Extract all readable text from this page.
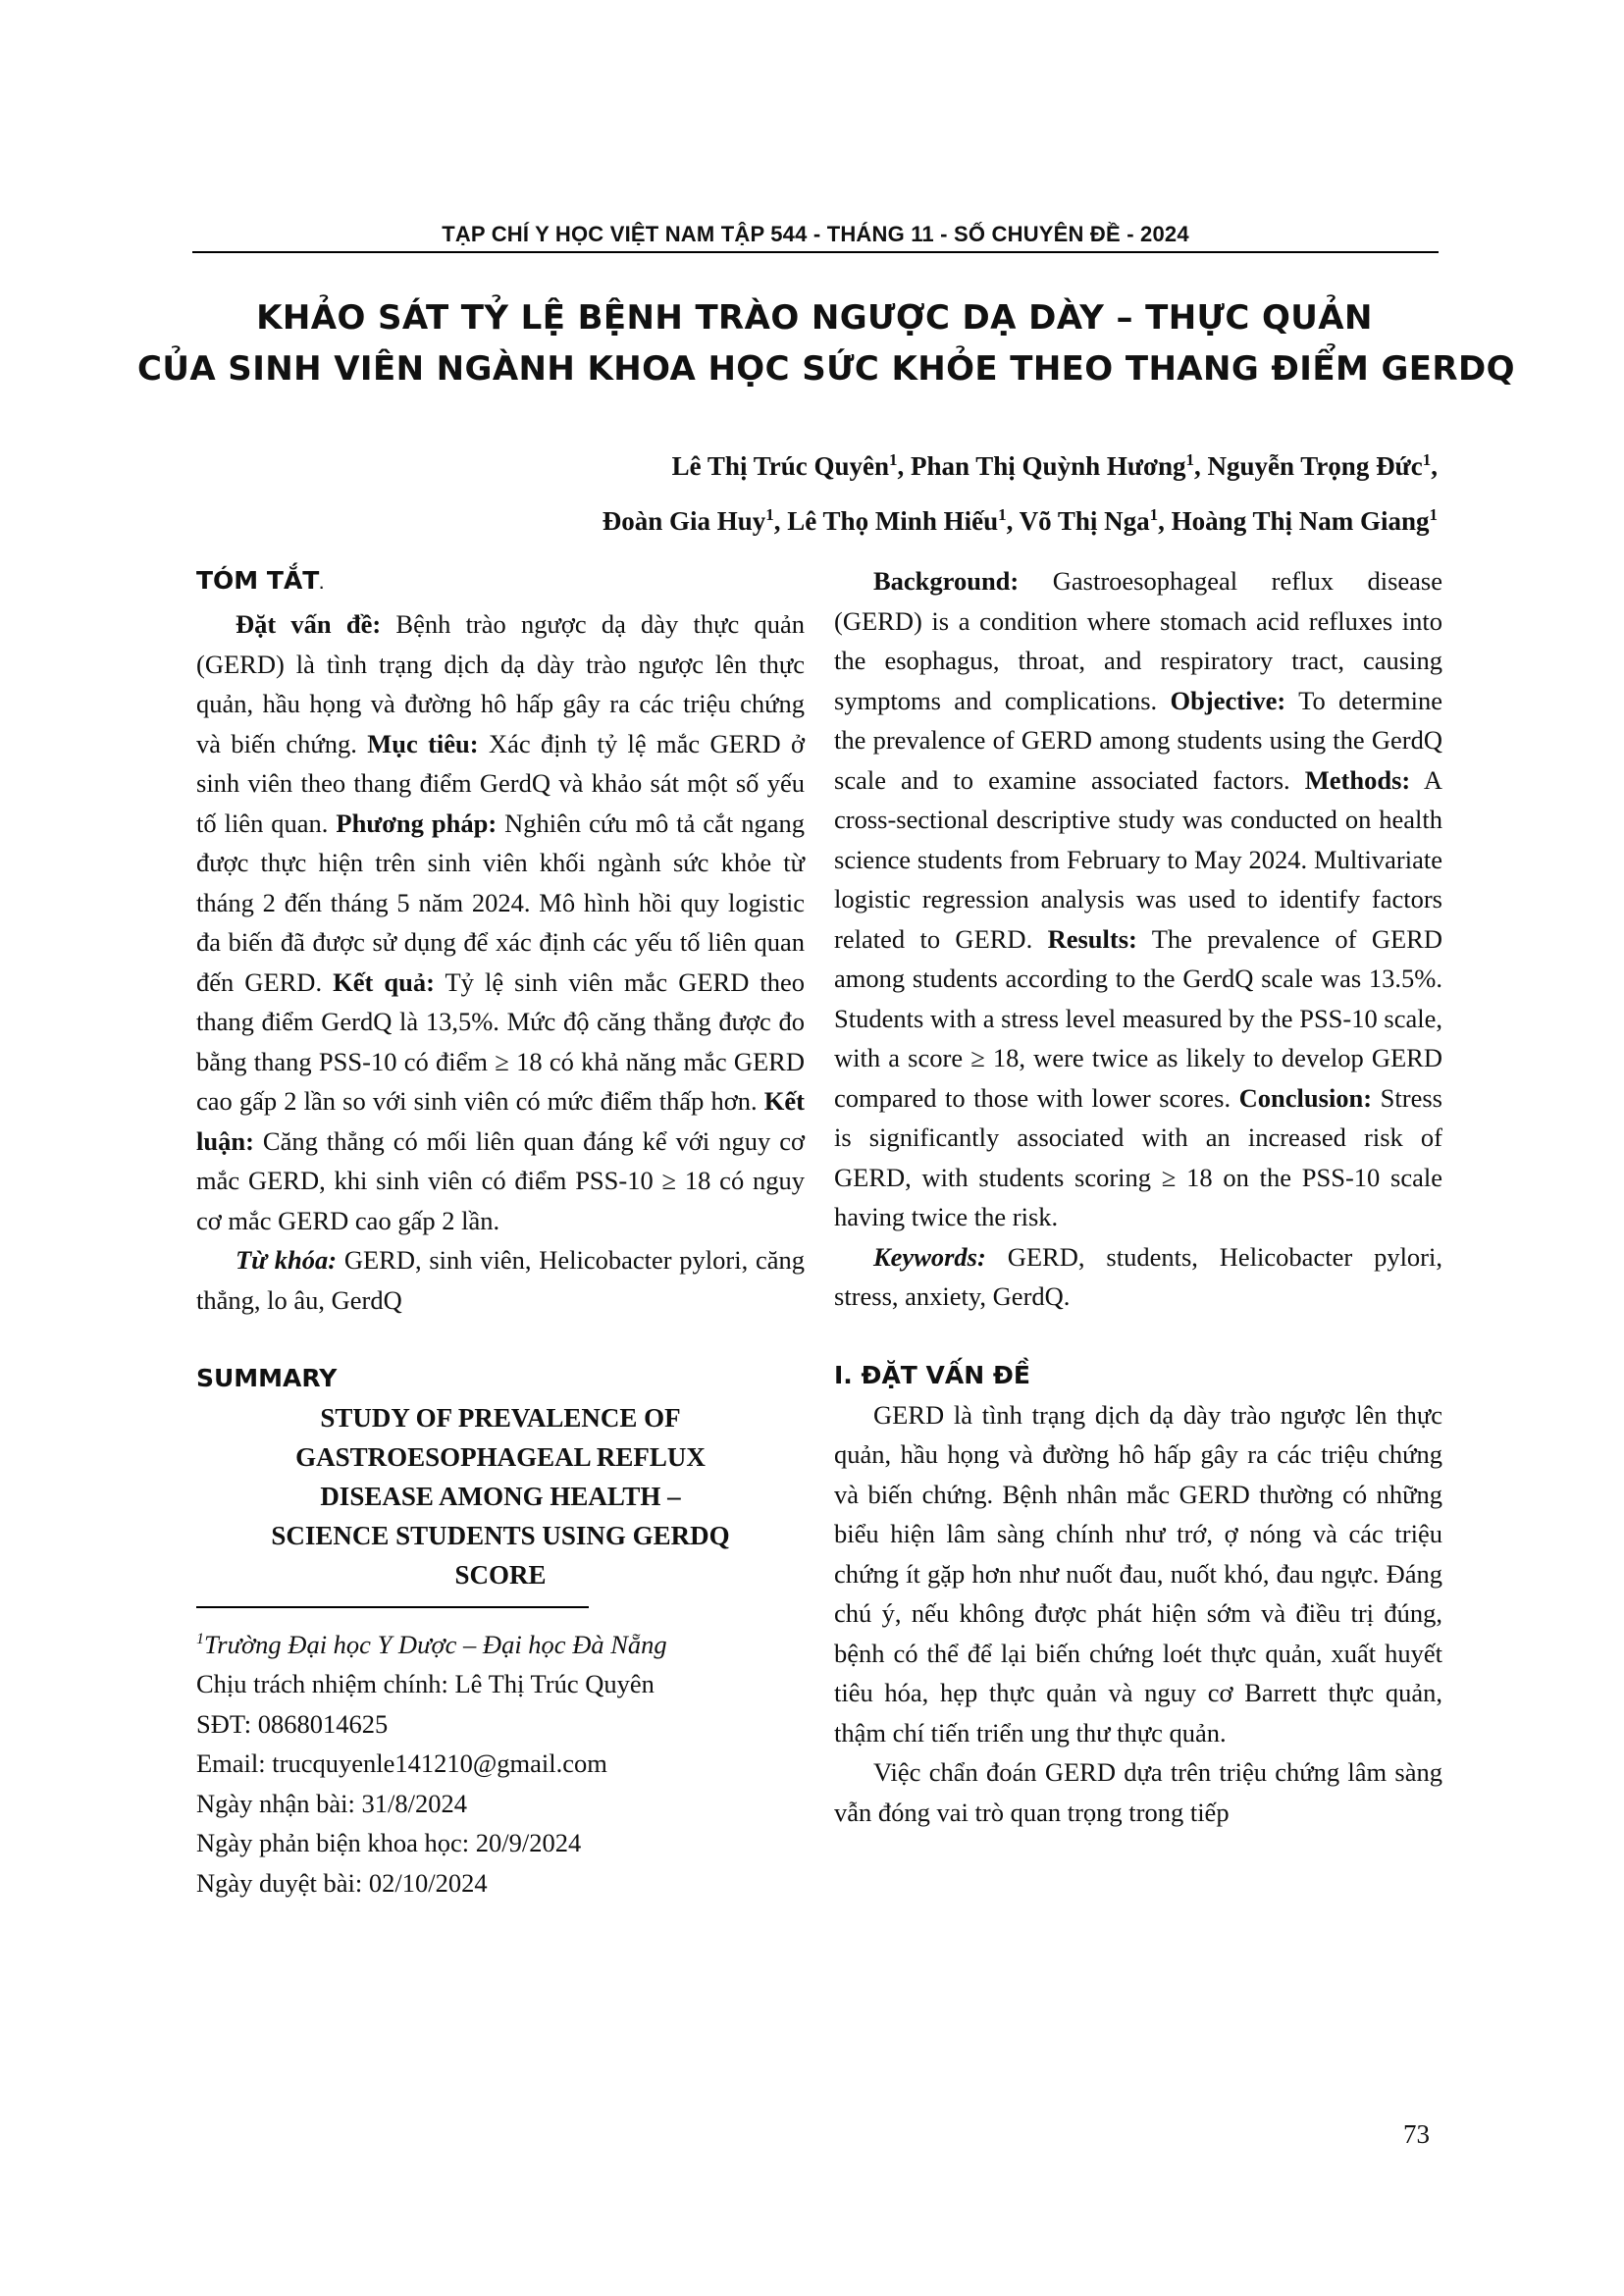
TẠP CHÍ Y HỌC VIỆT NAM TẬP 544 - THÁNG 11 - SỐ CHUYÊN ĐỀ - 2024
KHẢO SÁT TỶ LỆ BỆNH TRÀO NGƯỢC DẠ DÀY – THỰC QUẢN
CỦA SINH VIÊN NGÀNH KHOA HỌC SỨC KHỎE THEO THANG ĐIỂM GERDQ
Lê Thị Trúc Quyên$^1$, Phan Thị Quỳnh Hương$^1$, Nguyễn Trọng Đức$^1$,
Đoàn Gia Huy$^1$, Lê Thọ Minh Hiếu$^1$, Võ Thị Nga$^1$, Hoàng Thị Nam Giang$^1$

TÓM TẮT.

Đặt vấn đề: Bệnh trào ngược dạ dày thực quản (GERD) là tình trạng dịch dạ dày trào ngược lên thực quản, hầu họng và đường hô hấp gây ra các triệu chứng và biến chứng. Mục tiêu: Xác định tỷ lệ mắc GERD ở sinh viên theo thang điểm GerdQ và khảo sát một số yếu tố liên quan. Phương pháp: Nghiên cứu mô tả cắt ngang được thực hiện trên sinh viên khối ngành sức khỏe từ tháng 2 đến tháng 5 năm 2024. Mô hình hồi quy logistic đa biến đã được sử dụng để xác định các yếu tố liên quan đến GERD. Kết quả: Tỷ lệ sinh viên mắc GERD theo thang điểm GerdQ là 13,5%. Mức độ căng thẳng được đo bằng thang PSS-10 có điểm ≥ 18 có khả năng mắc GERD cao gấp 2 lần so với sinh viên có mức điểm thấp hơn. Kết luận: Căng thẳng có mối liên quan đáng kể với nguy cơ mắc GERD, khi sinh viên có điểm PSS-10 ≥ 18 có nguy cơ mắc GERD cao gấp 2 lần.

Từ khóa: GERD, sinh viên, Helicobacter pylori, căng thẳng, lo âu, GerdQ

SUMMARY

STUDY OF PREVALENCE OF
GASTROESOPHAGEAL REFLUX
DISEASE AMONG HEALTH –
SCIENCE STUDENTS USING GERDQ
SCORE

$^1$Trường Đại học Y Dược – Đại học Đà Nẵng

Chịu trách nhiệm chính: Lê Thị Trúc Quyên

SĐT: 0868014625

Email: trucquyenle141210@gmail.com

Ngày nhận bài: 31/8/2024

Ngày phản biện khoa học: 20/9/2024

Ngày duyệt bài: 02/10/2024

Background: Gastroesophageal reflux disease (GERD) is a condition where stomach acid refluxes into the esophagus, throat, and respiratory tract, causing symptoms and complications. Objective: To determine the prevalence of GERD among students using the GerdQ scale and to examine associated factors. Methods: A cross-sectional descriptive study was conducted on health science students from February to May 2024. Multivariate logistic regression analysis was used to identify factors related to GERD. Results: The prevalence of GERD among students according to the GerdQ scale was 13.5%. Students with a stress level measured by the PSS-10 scale, with a score ≥ 18, were twice as likely to develop GERD compared to those with lower scores. Conclusion: Stress is significantly associated with an increased risk of GERD, with students scoring ≥ 18 on the PSS-10 scale having twice the risk.

Keywords: GERD, students, Helicobacter pylori, stress, anxiety, GerdQ.

I. ĐẶT VẤN ĐỀ

GERD là tình trạng dịch dạ dày trào ngược lên thực quản, hầu họng và đường hô hấp gây ra các triệu chứng và biến chứng. Bệnh nhân mắc GERD thường có những biểu hiện lâm sàng chính như trớ, ợ nóng và các triệu chứng ít gặp hơn như nuốt đau, nuốt khó, đau ngực. Đáng chú ý, nếu không được phát hiện sớm và điều trị đúng, bệnh có thể để lại biến chứng loét thực quản, xuất huyết tiêu hóa, hẹp thực quản và nguy cơ Barrett thực quản, thậm chí tiến triển ung thư thực quản.

Việc chẩn đoán GERD dựa trên triệu chứng lâm sàng vẫn đóng vai trò quan trọng trong tiếp

73
